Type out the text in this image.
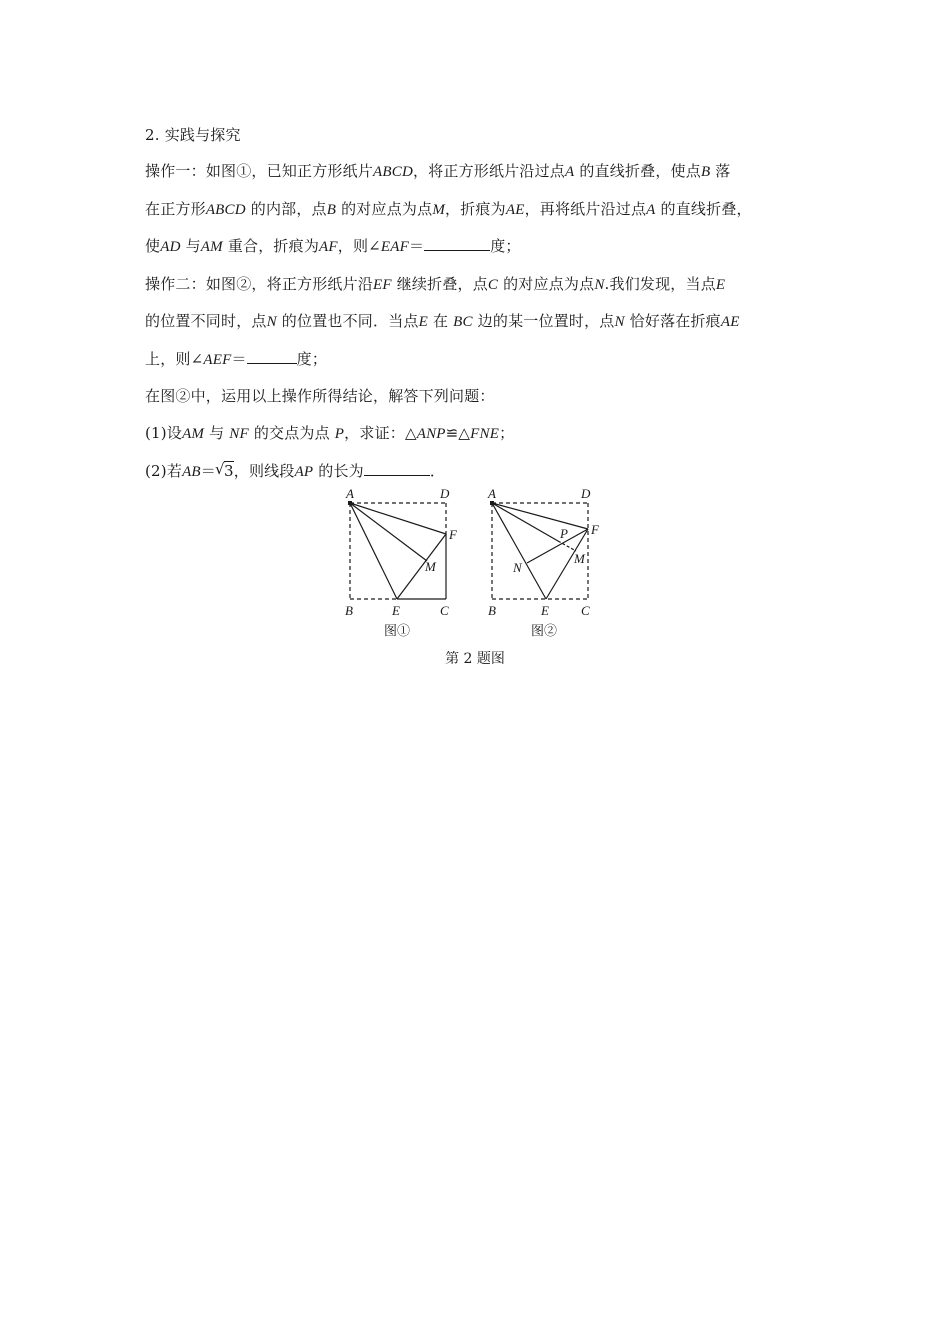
2. 实践与探究
操作一：如图①，已知正方形纸片ABCD，将正方形纸片沿过点A 的直线折叠，使点B 落
在正方形ABCD 的内部，点B 的对应点为点M，折痕为AE，再将纸片沿过点A 的直线折叠，
使AD 与AM 重合，折痕为AF，则∠EAF＝	度；
操作二：如图②，将正方形纸片沿EF 继续折叠，点C 的对应点为点N.我们发现，当点E
的位置不同时，点N 的位置也不同．当点E 在 BC 边的某一位置时，点N 恰好落在折痕AE
上，则∠AEF＝	度；
在图②中，运用以上操作所得结论，解答下列问题：
(1)设AM 与 NF 的交点为点 P，求证：△ANP≌△FNE；
(2)若AB＝ √ 3，则线段AP 的长为	．
A	D
F
M
B	E	C
图①
A	D
F
P
M
N
B	E C
图②
第 2 题图
